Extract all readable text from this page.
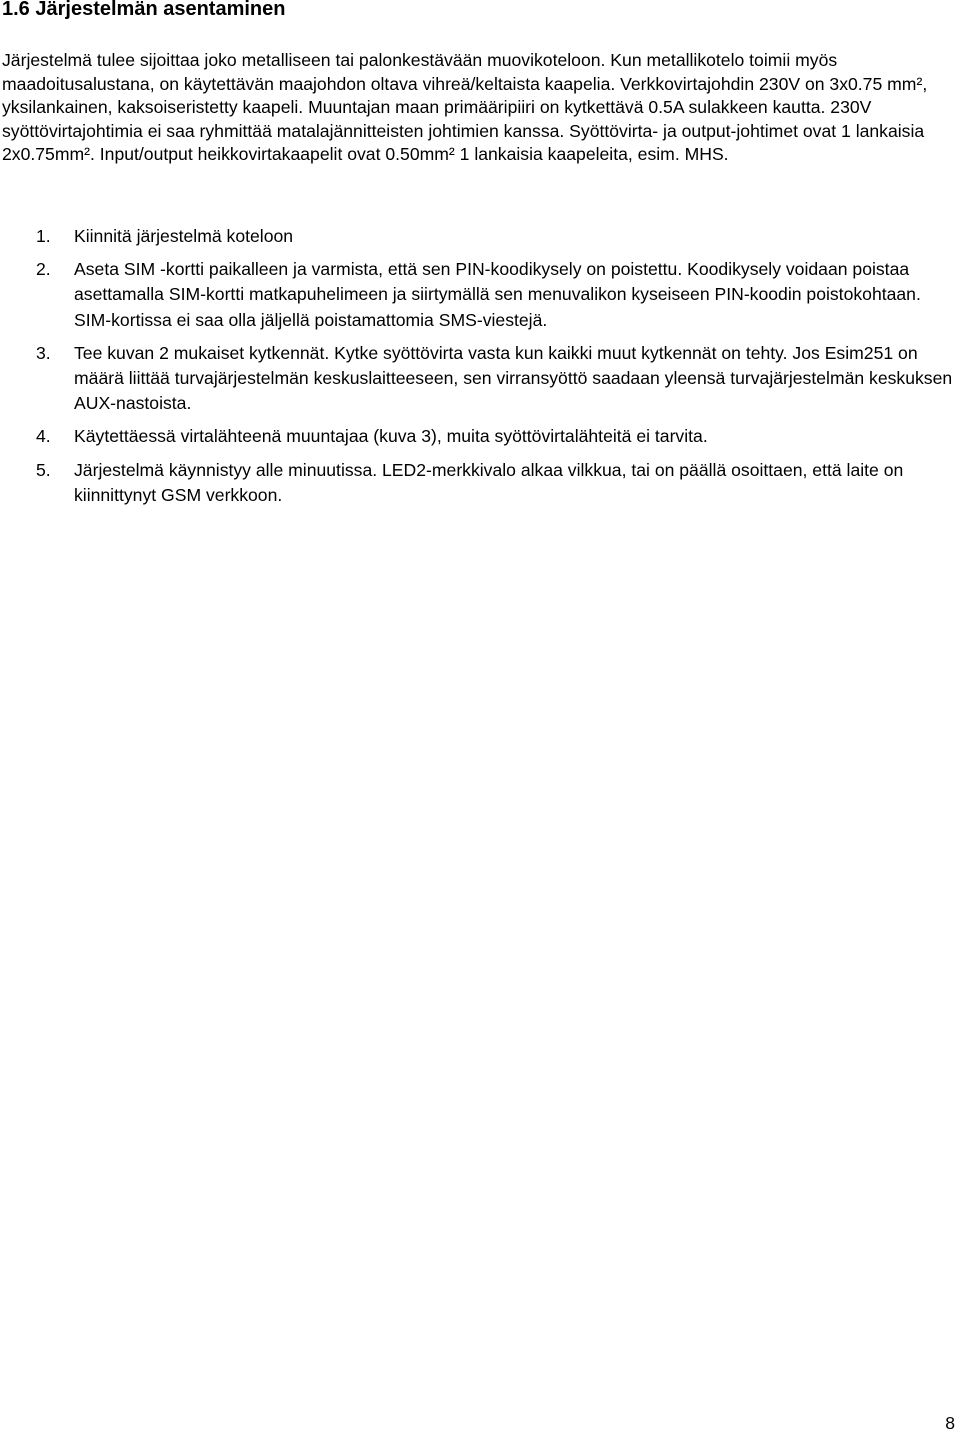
1.6 Järjestelmän asentaminen

Järjestelmä tulee sijoittaa joko metalliseen tai palonkestävään muovikoteloon. Kun metallikotelo toimii myös maadoitusalustana, on käytettävän maajohdon oltava vihreä/keltaista kaapelia. Verkkovirtajohdin 230V on 3x0.75 mm², yksilankainen, kaksoiseristetty kaapeli. Muuntajan maan primääripiiri on kytkettävä 0.5A sulakkeen kautta. 230V syöttövirtajohtimia ei saa ryhmittää matalajännitteisten johtimien kanssa. Syöttövirta- ja output-johtimet ovat 1 lankaisia 2x0.75mm². Input/output heikkovirtakaapelit ovat 0.50mm² 1 lankaisia kaapeleita, esim. MHS.

1. Kiinnitä järjestelmä koteloon
2. Aseta SIM -kortti paikalleen ja varmista, että sen PIN-koodikysely on poistettu. Koodikysely voidaan poistaa asettamalla SIM-kortti matkapuhelimeen ja siirtymällä sen menuvalikon kyseiseen PIN-koodin poistokohtaan. SIM-kortissa ei saa olla jäljellä poistamattomia SMS-viestejä.
3. Tee kuvan 2 mukaiset kytkennät. Kytke syöttövirta vasta kun kaikki muut kytkennät on tehty. Jos Esim251 on määrä liittää turvajärjestelmän keskuslaitteeseen, sen virransyöttö saadaan yleensä turvajärjestelmän keskuksen AUX-nastoista.
4. Käytettäessä virtalähteenä muuntajaa (kuva 3), muita syöttövirtalähteitä ei tarvita.
5. Järjestelmä käynnistyy alle minuutissa. LED2-merkkivalo alkaa vilkkua, tai on päällä osoittaen, että laite on kiinnittynyt GSM verkkoon.
8
